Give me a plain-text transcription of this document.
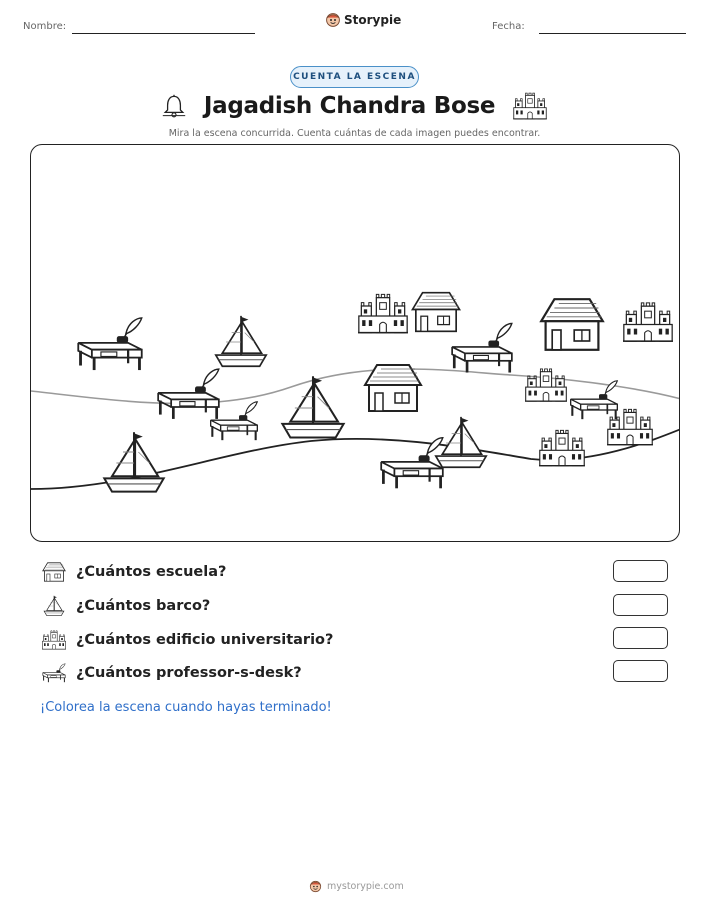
Nombre:	Storypie	Fecha:
CUENTA LA ESCENA
Jagadish Chandra Bose
Mira la escena concurrida. Cuenta cuántas de cada imagen puedes encontrar.
¿Cuántos escuela?
¿Cuántos barco?
¿Cuántos edificio universitario?
¿Cuántos professor-s-desk?
¡Colorea la escena cuando hayas terminado!
mystorypie.com
